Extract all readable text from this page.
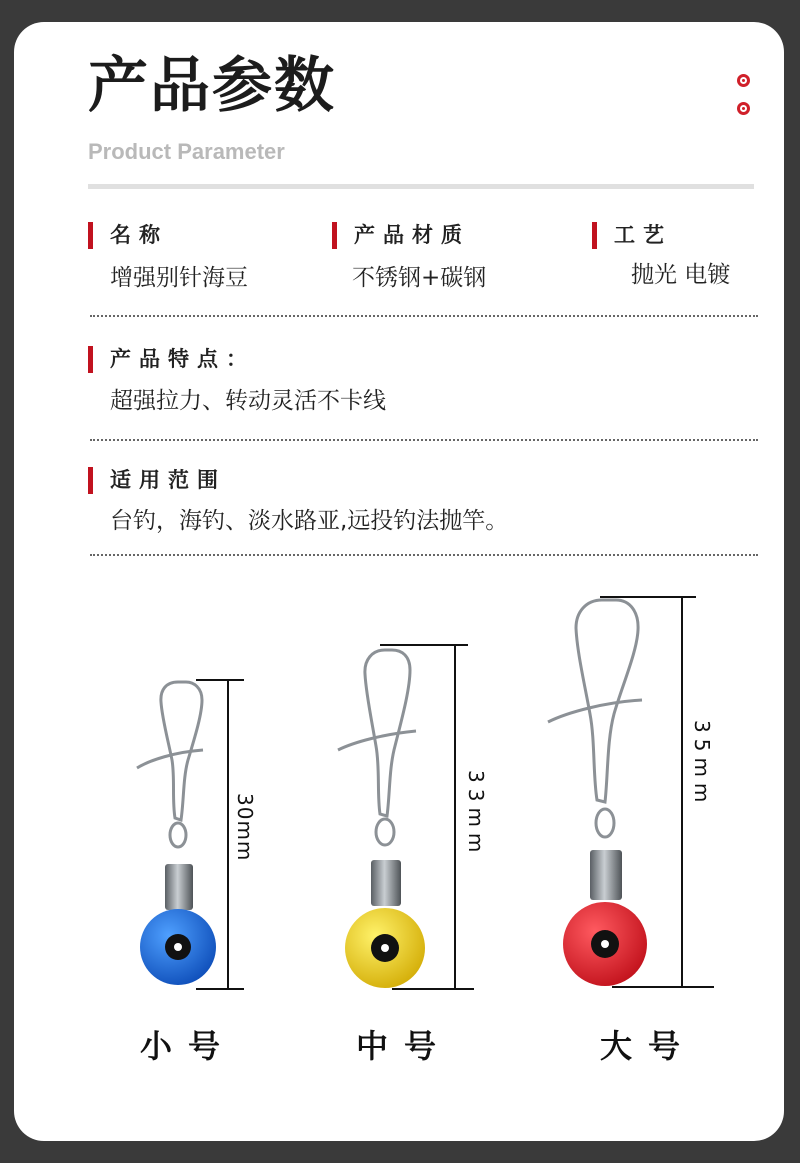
产品参数
Product Parameter
名称
增强别针海豆
产品材质
不锈钢+碳钢
工艺
抛光 电镀
产品特点：
超强拉力、转动灵活不卡线
适用范围
台钓，海钓、淡水路亚,远投钓法抛竿。
30mm	33mm
35mm
小号	中号	大号
